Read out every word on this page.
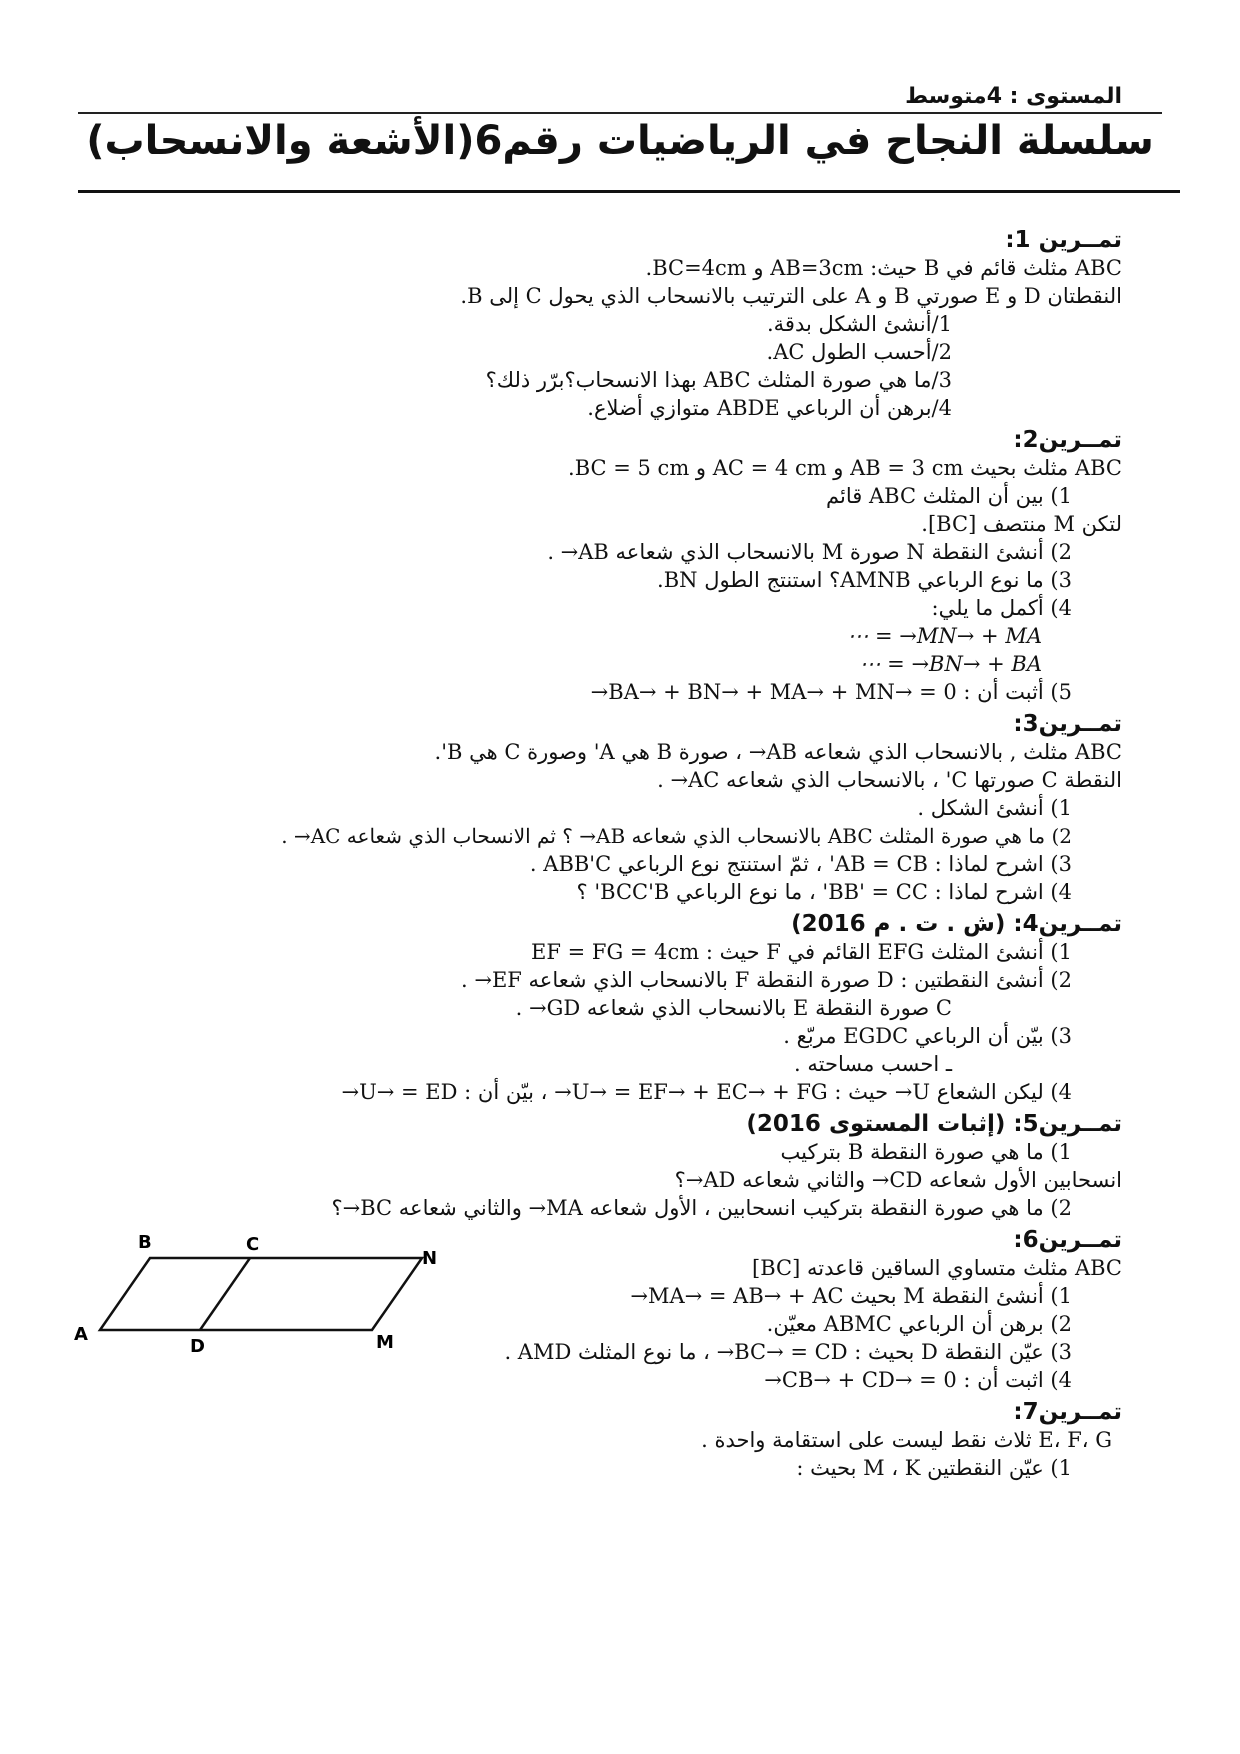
المستوى : 4متوسط
سلسلة النجاح في الرياضيات رقم6(الأشعة والانسحاب)
تمــرين 1:
ABC مثلث قائم في B حيث: AB=3cm و BC=4cm.
النقطتان D و E صورتي B و A على الترتيب بالانسحاب الذي يحول C إلى B.
1/أنشئ الشكل بدقة.
2/أحسب الطول AC.
3/ما هي صورة المثلث ABC بهذا الانسحاب؟برّر ذلك؟
4/برهن أن الرباعي ABDE متوازي أضلاع.
تمــرين2:
ABC مثلث بحيث AB = 3 cm و AC = 4 cm و BC = 5 cm.
1) بين أن المثلث ABC قائم
لتكن M منتصف [BC].
2) أنشئ النقطة N صورة M بالانسحاب الذي شعاعه AB→ .
3) ما نوع الرباعي AMNB؟ استنتج الطول BN.
4) أكمل ما يلي:
MN→ + MA→ = ⋯
BN→ + BA→ = ⋯
5) أثبت أن : BA→ + BN→ + MA→ + MN→ = 0→
تمــرين3:
ABC مثلث , بالانسحاب الذي شعاعه AB→ ، صورة B هي A' وصورة C هي B'.
النقطة C صورتها C' ، بالانسحاب الذي شعاعه AC→ .
1) أنشئ الشكل .
2) ما هي صورة المثلث ABC بالانسحاب الذي شعاعه AB→ ؟ ثم الانسحاب الذي شعاعه AC→ .
3) اشرح لماذا : AB = CB' ، ثمّ استنتج نوع الرباعي ABB'C .
4) اشرح لماذا : BB' = CC' ، ما نوع الرباعي BCC'B' ؟
تمــرين4: (ش . ت . م 2016)
1) أنشئ المثلث EFG القائم في F حيث : EF = FG = 4cm
2) أنشئ النقطتين : D صورة النقطة F بالانسحاب الذي شعاعه EF→ .
C صورة النقطة E بالانسحاب الذي شعاعه GD→ .
3) بيّن أن الرباعي EGDC مربّع .
ـ احسب مساحته .
4) ليكن الشعاع U→ حيث : U→ = EF→ + EC→ + FG→ ، بيّن أن : U→ = ED→
تمــرين5: (إثبات المستوى 2016)
1) ما هي صورة النقطة B بتركيب
انسحابين الأول شعاعه CD→ والثاني شعاعه AD→؟
2) ما هي صورة النقطة بتركيب انسحابين ، الأول شعاعه MA→ والثاني شعاعه BC→؟
تمــرين6:
ABC مثلث متساوي الساقين قاعدته [BC]
1) أنشئ النقطة M بحيث MA→ = AB→ + AC→
2) برهن أن الرباعي ABMC معيّن.
3) عيّن النقطة D بحيث : BC→ = CD→ ، ما نوع المثلث AMD .
4) اثبت أن : CB→ + CD→ = 0→
تمــرين7:
E، F، G ثلاث نقط ليست على استقامة واحدة .
1) عيّن النقطتين M ، K بحيث :
A
B	C
D	M
N
